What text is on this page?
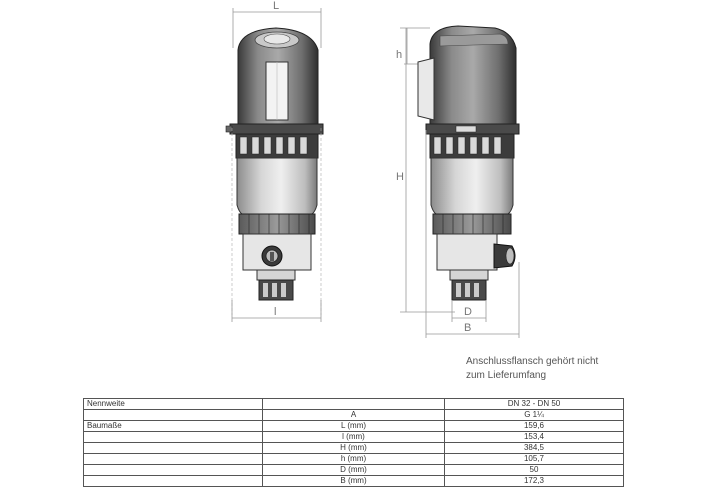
L
l
H
h
D
B
Anschlussflansch gehört nicht
zum Lieferumfang
Nennweite		DN 32 - DN 50
	A	G 1¼
Baumaße	L (mm)	159,6
	l (mm)	153,4
	H (mm)	384,5
	h (mm)	105,7
	D (mm)	50
	B (mm)	172,3
